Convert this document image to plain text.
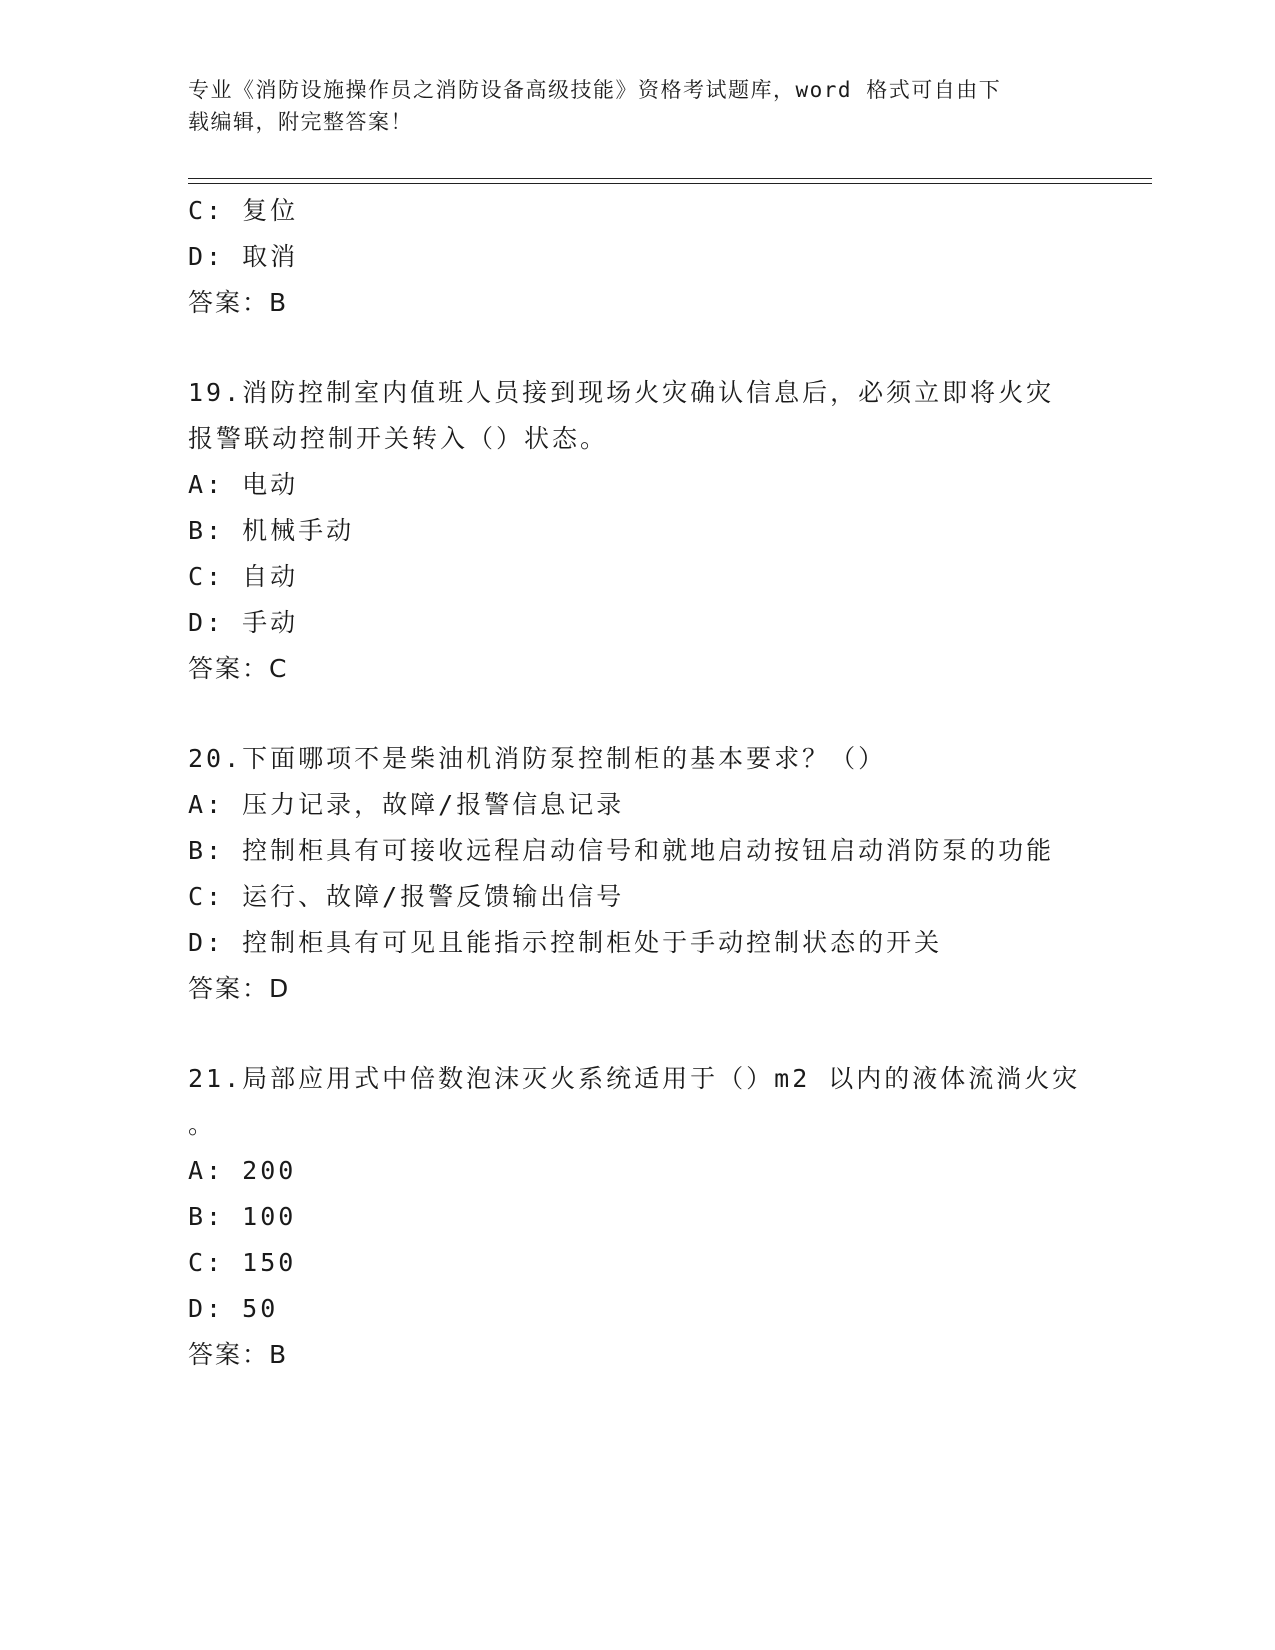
专业《消防设施操作员之消防设备高级技能》资格考试题库，word 格式可自由下
载编辑，附完整答案！
C: 复位
D: 取消
答案：B
19.消防控制室内值班人员接到现场火灾确认信息后，必须立即将火灾
报警联动控制开关转入（）状态。
A: 电动
B: 机械手动
C: 自动
D: 手动
答案：C
20.下面哪项不是柴油机消防泵控制柜的基本要求？（）
A: 压力记录，故障/报警信息记录
B: 控制柜具有可接收远程启动信号和就地启动按钮启动消防泵的功能
C: 运行、故障/报警反馈输出信号
D: 控制柜具有可见且能指示控制柜处于手动控制状态的开关
答案：D
21.局部应用式中倍数泡沫灭火系统适用于（）m2 以内的液体流淌火灾
。
A: 200
B: 100
C: 150
D: 50
答案：B
